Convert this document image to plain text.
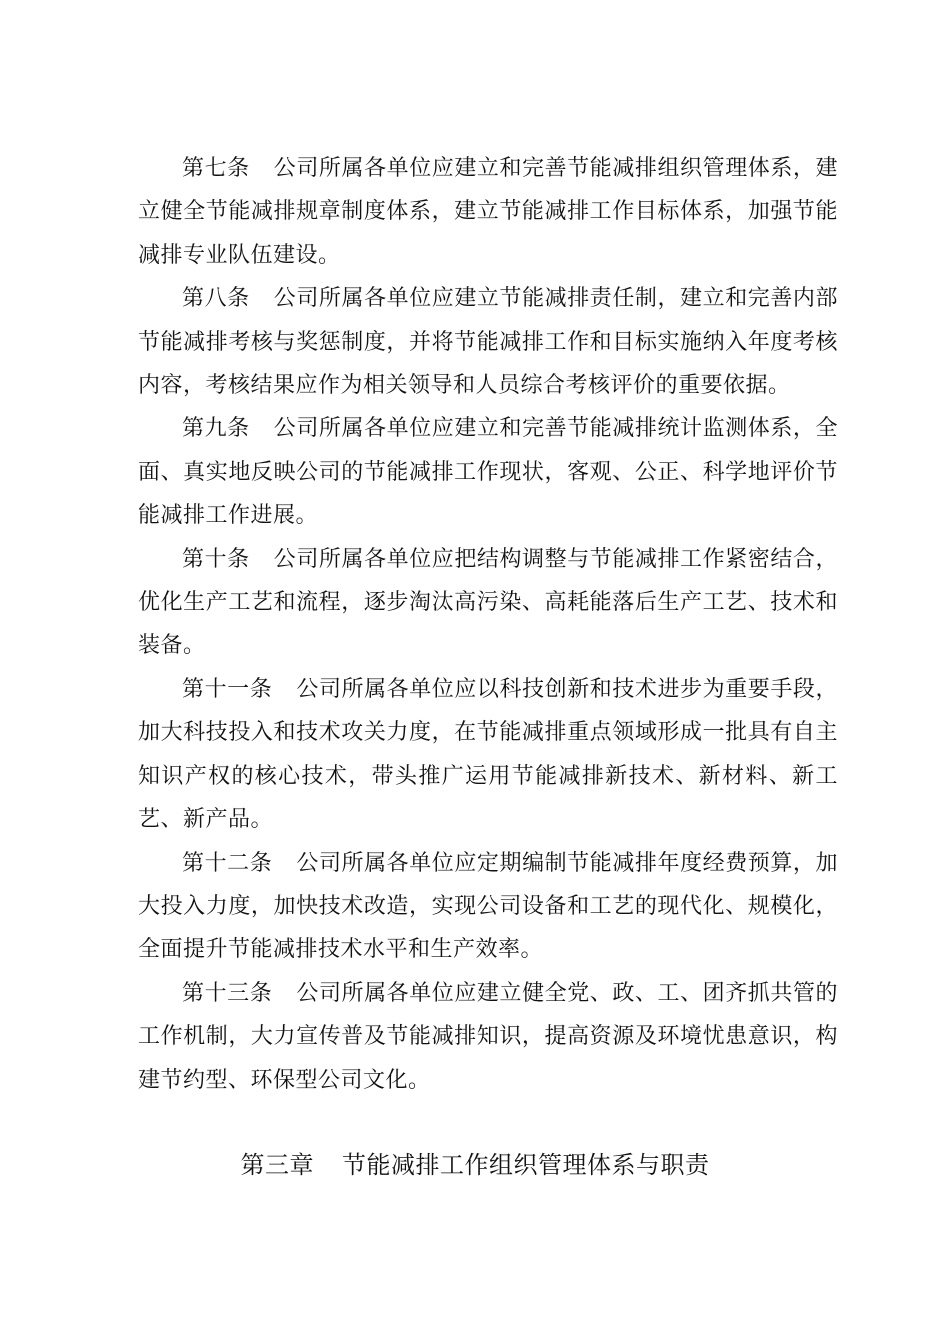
第七条 公司所属各单位应建立和完善节能减排组织管理体系，建立健全节能减排规章制度体系，建立节能减排工作目标体系，加强节能减排专业队伍建设。

第八条 公司所属各单位应建立节能减排责任制，建立和完善内部节能减排考核与奖惩制度，并将节能减排工作和目标实施纳入年度考核内容，考核结果应作为相关领导和人员综合考核评价的重要依据。

第九条 公司所属各单位应建立和完善节能减排统计监测体系，全面、真实地反映公司的节能减排工作现状，客观、公正、科学地评价节能减排工作进展。

第十条 公司所属各单位应把结构调整与节能减排工作紧密结合，优化生产工艺和流程，逐步淘汰高污染、高耗能落后生产工艺、技术和装备。

第十一条 公司所属各单位应以科技创新和技术进步为重要手段，加大科技投入和技术攻关力度，在节能减排重点领域形成一批具有自主知识产权的核心技术，带头推广运用节能减排新技术、新材料、新工艺、新产品。

第十二条 公司所属各单位应定期编制节能减排年度经费预算，加大投入力度，加快技术改造，实现公司设备和工艺的现代化、规模化，全面提升节能减排技术水平和生产效率。

第十三条 公司所属各单位应建立健全党、政、工、团齐抓共管的工作机制，大力宣传普及节能减排知识，提高资源及环境忧患意识，构建节约型、环保型公司文化。

第三章 节能减排工作组织管理体系与职责
